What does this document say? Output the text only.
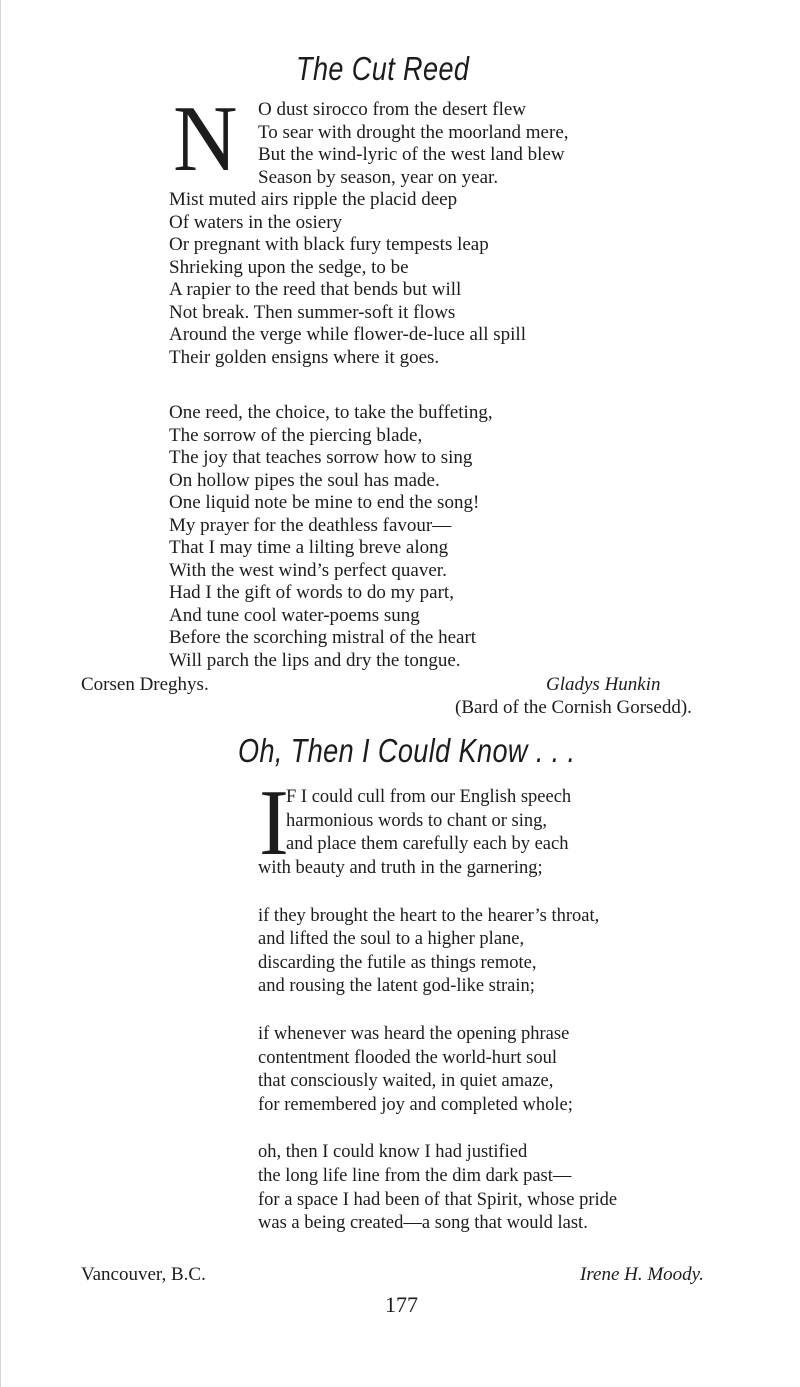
The Cut Reed
N O dust sirocco from the desert flew
To sear with drought the moorland mere,
But the wind-lyric of the west land blew
Season by season, year on year.
Mist muted airs ripple the placid deep
Of waters in the osiery
Or pregnant with black fury tempests leap
Shrieking upon the sedge, to be
A rapier to the reed that bends but will
Not break. Then summer-soft it flows
Around the verge while flower-de-luce all spill
Their golden ensigns where it goes.
One reed, the choice, to take the buffeting,
The sorrow of the piercing blade,
The joy that teaches sorrow how to sing
On hollow pipes the soul has made.
One liquid note be mine to end the song!
My prayer for the deathless favour—
That I may time a lilting breve along
With the west wind’s perfect quaver.
Had I the gift of words to do my part,
And tune cool water-poems sung
Before the scorching mistral of the heart
Will parch the lips and dry the tongue.
Corsen Dreghys.	Gladys Hunkin
(Bard of the Cornish Gorsedd).
Oh, Then I Could Know . . .
I
F I could cull from our English speech
harmonious words to chant or sing,
and place them carefully each by each
with beauty and truth in the garnering;
if they brought the heart to the hearer’s throat,
and lifted the soul to a higher plane,
discarding the futile as things remote,
and rousing the latent god-like strain;
if whenever was heard the opening phrase
contentment flooded the world-hurt soul
that consciously waited, in quiet amaze,
for remembered joy and completed whole;
oh, then I could know I had justified
the long life line from the dim dark past—
for a space I had been of that Spirit, whose pride
was a being created—a song that would last.
Vancouver, B.C.	Irene H. Moody.
177
